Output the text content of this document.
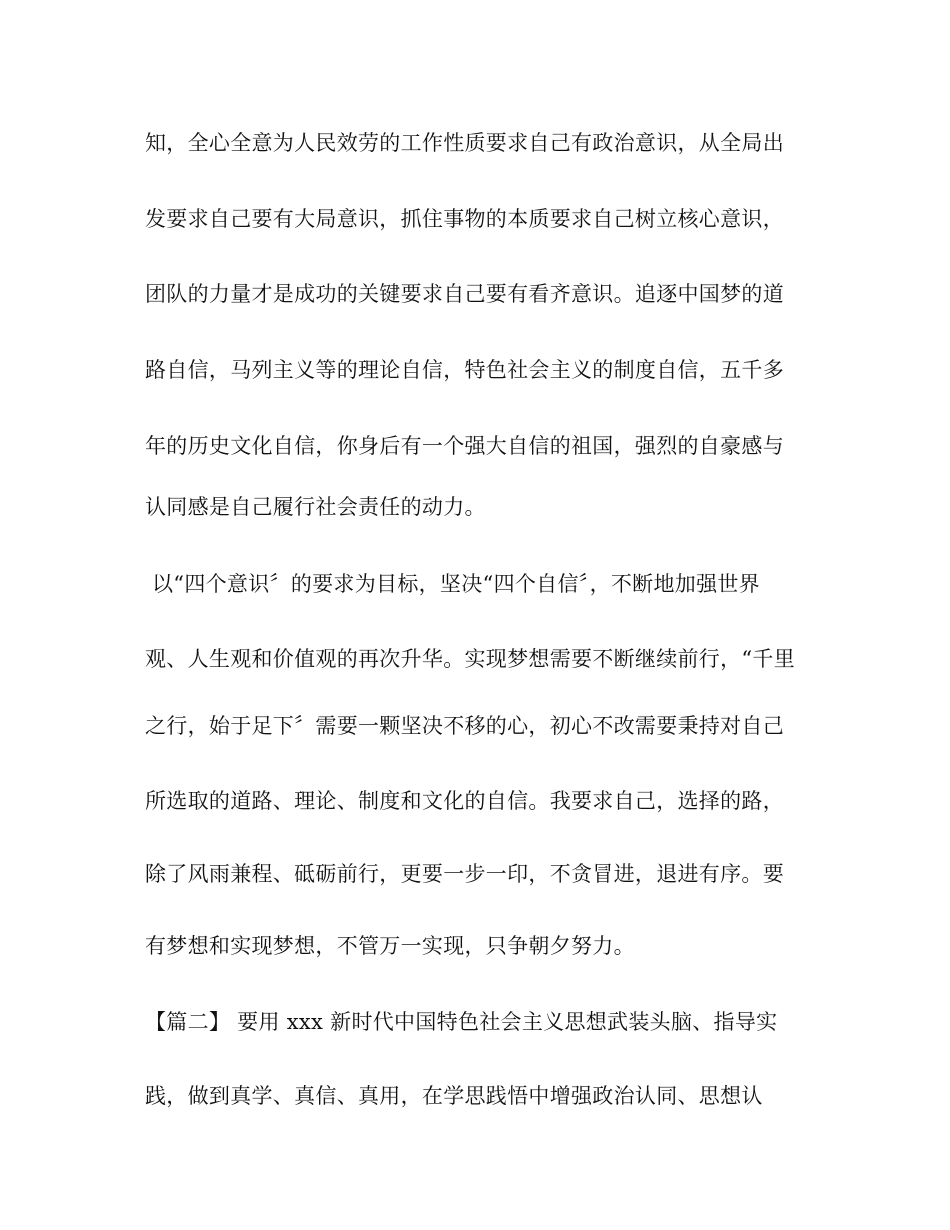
知，全心全意为人民效劳的工作性质要求自己有政治意识，从全局出
发要求自己要有大局意识，抓住事物的本质要求自己树立核心意识，
团队的力量才是成功的关键要求自己要有看齐意识。追逐中国梦的道
路自信，马列主义等的理论自信，特色社会主义的制度自信，五千多
年的历史文化自信，你身后有一个强大自信的祖国，强烈的自豪感与
认同感是自己履行社会责任的动力。
以“四个意识〞的要求为目标，坚决“四个自信〞，不断地加强世界
观、人生观和价值观的再次升华。实现梦想需要不断继续前行，“千里
之行，始于足下〞需要一颗坚决不移的心，初心不改需要秉持对自己
所选取的道路、理论、制度和文化的自信。我要求自己，选择的路，
除了风雨兼程、砥砺前行，更要一步一印，不贪冒进，退进有序。要
有梦想和实现梦想，不管万一实现，只争朝夕努力。
【篇二】 要用 xxx 新时代中国特色社会主义思想武装头脑、指导实
践，做到真学、真信、真用，在学思践悟中增强政治认同、思想认
